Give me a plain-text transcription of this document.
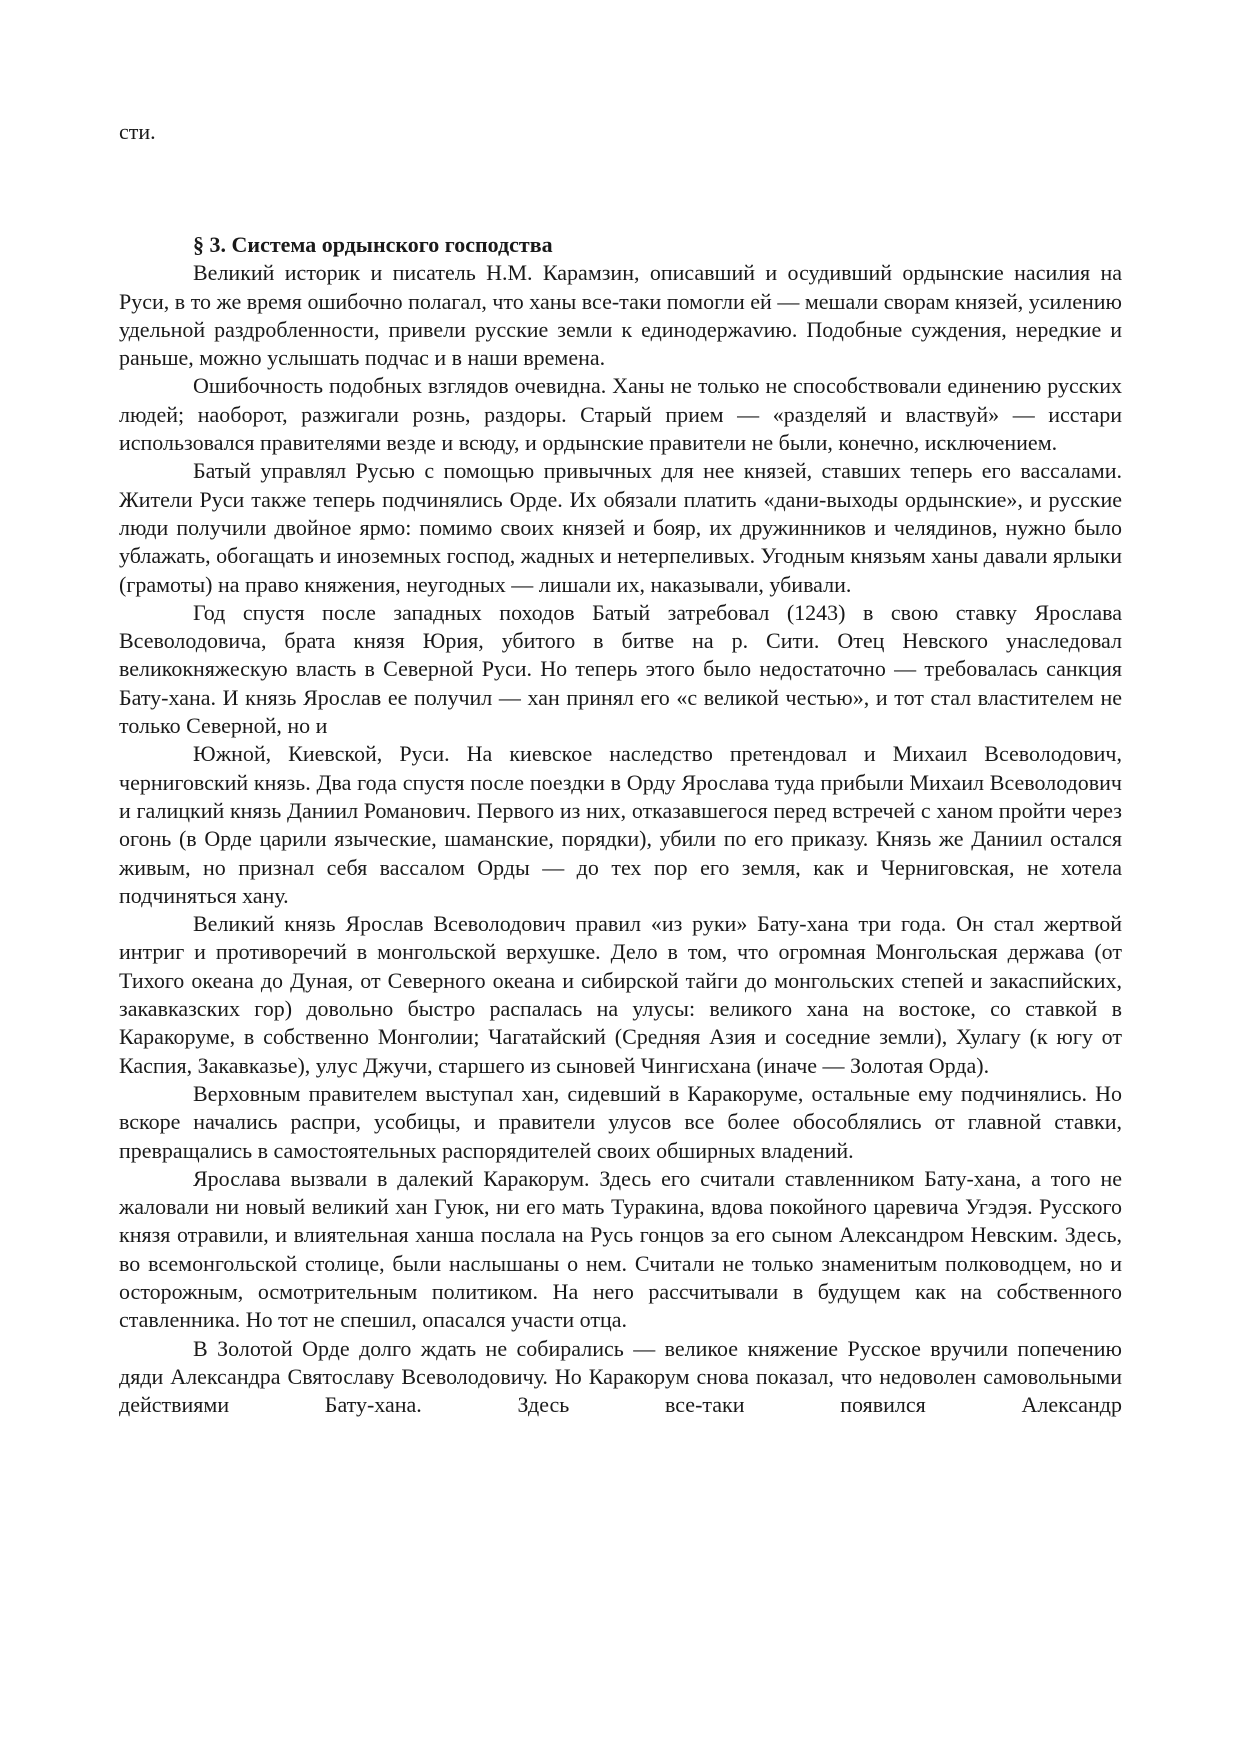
сти.

§ 3. Система ордынского господства

Великий историк и писатель Н.М. Карамзин, описавший и осудивший ордынские насилия на Руси, в то же время ошибочно полагал, что ханы все-таки помогли ей — мешали сворам князей, усилению удельной раздробленности, привели русские земли к единодержаvию. Подобные суждения, нередкие и раньше, можно услышать подчас и в наши времена.

Ошибочность подобных взглядов очевидна. Ханы не только не способствовали единению русских людей; наоборот, разжигали рознь, раздоры. Старый прием — «разделяй и властвуй» — исстари использовался правителями везде и всюду, и ордынские правители не были, конечно, исключением.

Батый управлял Русью с помощью привычных для нее князей, ставших теперь его вассалами. Жители Руси также теперь подчинялись Орде. Их обязали платить «дани-выходы ордынские», и русские люди получили двойное ярмо: помимо своих князей и бояр, их дружинников и челядинов, нужно было ублажать, обогащать и иноземных господ, жадных и нетерпеливых. Угодным князьям ханы давали ярлыки (грамоты) на право княжения, неугодных — лишали их, наказывали, убивали.

Год спустя после западных походов Батый затребовал (1243) в свою ставку Ярослава Всеволодовича, брата князя Юрия, убитого в битве на р. Сити. Отец Невского унаследовал великокняжескую власть в Северной Руси. Но теперь этого было недостаточно — требовалась санкция Бату-хана. И князь Ярослав ее получил — хан принял его «с великой честью», и тот стал властителем не только Северной, но и

Южной, Киевской, Руси. На киевское наследство претендовал и Михаил Всеволодович, черниговский князь. Два года спустя после поездки в Орду Ярослава туда прибыли Михаил Всеволодович и галицкий князь Даниил Романович. Первого из них, отказавшегося перед встречей с ханом пройти через огонь (в Орде царили языческие, шаманские, порядки), убили по его приказу. Князь же Даниил остался живым, но признал себя вассалом Орды — до тех пор его земля, как и Черниговская, не хотела подчиняться хану.

Великий князь Ярослав Всеволодович правил «из руки» Бату-хана три года. Он стал жертвой интриг и противоречий в монгольской верхушке. Дело в том, что огромная Монгольская держава (от Тихого океана до Дуная, от Северного океана и сибирской тайги до монгольских степей и закаспийских, закавказских гор) довольно быстро распалась на улусы: великого хана на востоке, со ставкой в Каракоруме, в собственно Монголии; Чагатайский (Средняя Азия и соседние земли), Хулагу (к югу от Каспия, Закавказье), улус Джучи, старшего из сыновей Чингисхана (иначе — Золотая Орда).

Верховным правителем выступал хан, сидевший в Каракоруме, остальные ему подчинялись. Но вскоре начались распри, усобицы, и правители улусов все более обособлялись от главной ставки, превращались в самостоятельных распорядителей своих обширных владений.

Ярослава вызвали в далекий Каракорум. Здесь его считали ставленником Бату-хана, а того не жаловали ни новый великий хан Гуюк, ни его мать Туракина, вдова покойного царевича Угэдэя. Русского князя отравили, и влиятельная ханша послала на Русь гонцов за его сыном Александром Невским. Здесь, во всемонгольской столице, были наслышаны о нем. Считали не только знаменитым полководцем, но и осторожным, осмотрительным политиком. На него рассчитывали в будущем как на собственного ставленника. Но тот не спешил, опасался участи отца.

В Золотой Орде долго ждать не собирались — великое княжение Русское вручили попечению дяди Александра Святославу Всеволодовичу. Но Каракорум снова показал, что недоволен самовольными действиями Бату-хана. Здесь все-таки появился Александр
